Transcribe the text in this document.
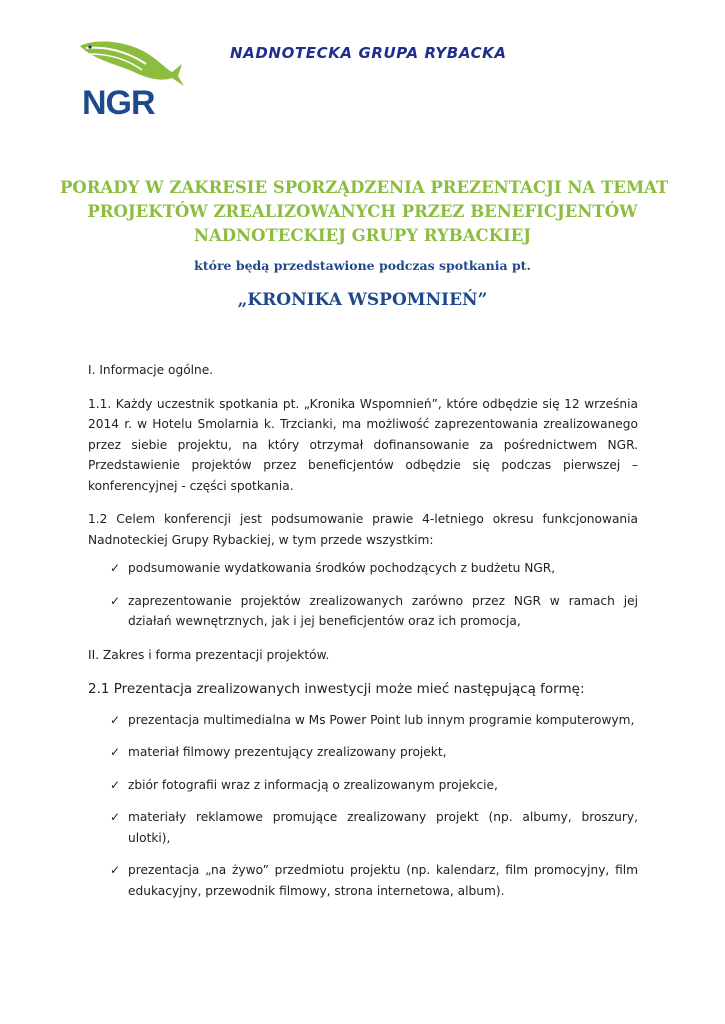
NGR
NADNOTECKA GRUPA RYBACKA
PORADY W ZAKRESIE SPORZĄDZENIA PREZENTACJI NA TEMAT
PROJEKTÓW ZREALIZOWANYCH PRZEZ BENEFICJENTÓW
NADNOTECKIEJ GRUPY RYBACKIEJ
które będą przedstawione podczas spotkania pt.
„KRONIKA WSPOMNIEŃ”

I. Informacje ogólne.

1.1. Każdy uczestnik spotkania pt. „Kronika Wspomnień”, które odbędzie się 12 września 2014 r. w Hotelu Smolarnia k. Trzcianki, ma możliwość zaprezentowania zrealizowanego przez siebie projektu, na który otrzymał dofinansowanie za pośrednictwem NGR. Przedstawienie projektów przez beneficjentów odbędzie się podczas pierwszej – konferencyjnej - części spotkania.

1.2 Celem konferencji jest podsumowanie prawie 4-letniego okresu funkcjonowania Nadnoteckiej Grupy Rybackiej, w tym przede wszystkim:

✓ podsumowanie wydatkowania środków pochodzących z budżetu NGR,
✓ zaprezentowanie projektów zrealizowanych zarówno przez NGR w ramach jej działań wewnętrznych, jak i jej beneficjentów oraz ich promocja,

II. Zakres i forma prezentacji projektów.

2.1 Prezentacja zrealizowanych inwestycji może mieć następującą formę:

✓ prezentacja multimedialna w Ms Power Point lub innym programie komputerowym,
✓ materiał filmowy prezentujący zrealizowany projekt,
✓ zbiór fotografii wraz z informacją o zrealizowanym projekcie,
✓ materiały reklamowe promujące zrealizowany projekt (np. albumy, broszury, ulotki),
✓ prezentacja „na żywo” przedmiotu projektu (np. kalendarz, film promocyjny, film edukacyjny, przewodnik filmowy, strona internetowa, album).
